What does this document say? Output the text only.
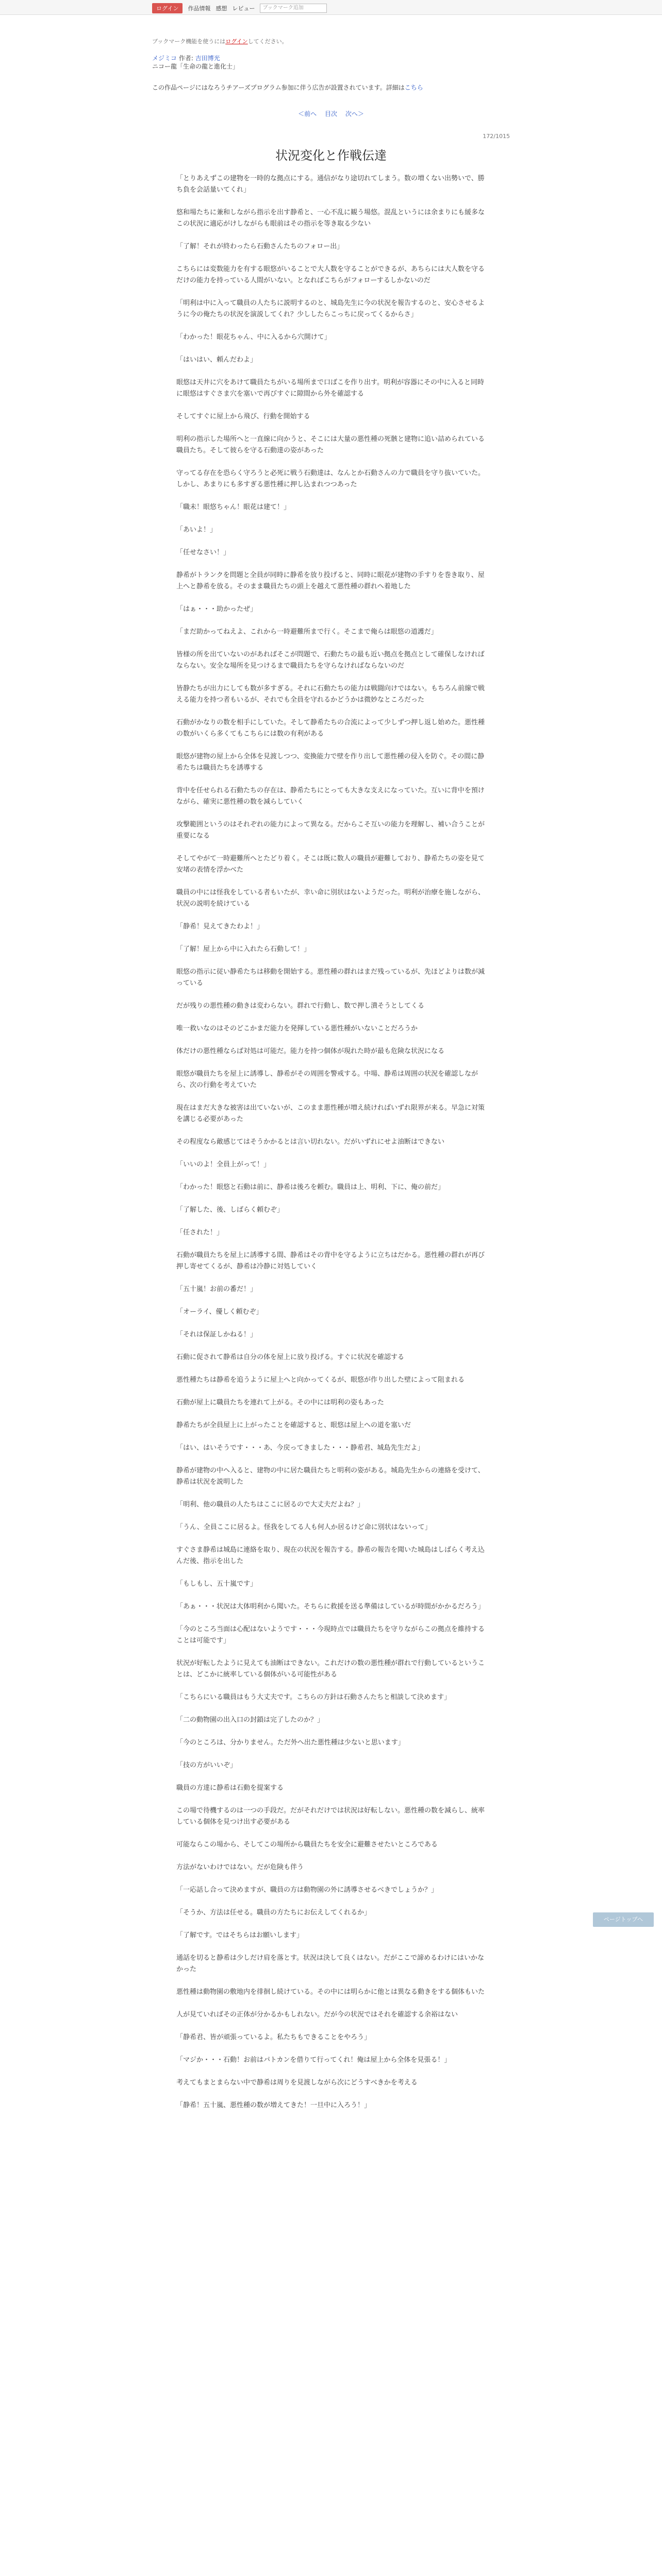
ログイン	作品情報 感想 レビュー	ブックマーク追加
ブックマーク機能を使うにはログインしてください。
メジミコ 作者: 吉田博光
ニコー龍「生命の龍と進化士」
この作品ページにはなろうチアーズプログラム参加に伴う広告が設置されています。詳細はこちら
＜前へ 目次 次へ＞
172/1015
状況変化と作戦伝達

「とりあえずこの建物を一時的な拠点にする。通信がなり途切れてしまう。数の増くない出勢いで、勝ち負を会話量いてくれ」

悠和場たちに兼和しながら指示を出す静希と、一心不乱に観う場悠。混乱というには余まりにも緩多なこの状況に適応がけしながらも眼前はその指示を等き取る少ない

「了解！それが終わったら石動さんたちのフォロー出」

こちらには変数能力を有する眼悠がいることで大人数を守ることができるが、あちらには大人数を守るだけの能力を持っている人間がいない。となればこちらがフォローするしかないのだ

「明利は中に入って職員の人たちに説明するのと、城島先生に今の状況を報告するのと、安心させるように今の俺たちの状況を演説してくれ？少ししたらこっちに戻ってくるからさ」

「わかった！眼花ちゃん、中に入るから穴開けて」

「はいはい、頼んだわよ」

眼悠は天井に穴をあけて職員たちがいる場所まで口ばこを作り出す。明利が容器にその中に入ると同時に眼悠はすぐさま穴を塞いで再びすぐに隙間から外を確認する

そしてすぐに屋上から飛び、行動を開始する

明利の指示した場所へと一直線に向かうと、そこには大量の悪性種の死骸と建物に追い詰められている職員たち。そして彼らを守る石動達の姿があった

守ってる存在を恐らく守ろうと必死に戦う石動達は、なんとか石動さんの力で職員を守り抜いていた。しかし、あまりにも多すぎる悪性種に押し込まれつつあった

「職未！眼悠ちゃん！眼花は建て！」

「あいよ！」

「任せなさい！」

静希がトランクを問題と全員が同時に静希を放り投げると、同時に眼花が建物の手すりを巻き取り、屋上へと静希を放る。そのまま職員たちの頭上を越えて悪性種の群れへ着地した

「はぁ・・・助かったぜ」

「まだ助かってねえよ、これから一時避難所まで行く。そこまで俺らは眼悠の道護だ」

皆様の所を出ていないのがあればそこが問題で、石動たちの最も近い拠点を拠点として確保しなければならない。安全な場所を見つけるまで職員たちを守らなければならないのだ

皆静たちが出力にしても数が多すぎる。それに石動たちの能力は戦闘向けではない。もちろん前線で戦える能力を持つ者もいるが、それでも全員を守れるかどうかは微妙なところだった

石動がかなりの数を相手にしていた。そして静希たちの合流によって少しずつ押し返し始めた。悪性種の数がいくら多くてもこちらには数の有利がある

眼悠が建物の屋上から全体を見渡しつつ、変換能力で壁を作り出して悪性種の侵入を防ぐ。その間に静希たちは職員たちを誘導する

背中を任せられる石動たちの存在は、静希たちにとっても大きな支えになっていた。互いに背中を預けながら、確実に悪性種の数を減らしていく

攻撃範囲というのはそれぞれの能力によって異なる。だからこそ互いの能力を理解し、補い合うことが重要になる

そしてやがて一時避難所へとたどり着く。そこは既に数人の職員が避難しており、静希たちの姿を見て安堵の表情を浮かべた

職員の中には怪我をしている者もいたが、幸い命に別状はないようだった。明利が治療を施しながら、状況の説明を続けている

「静希！見えてきたわよ！」

「了解！屋上から中に入れたら石動して！」

眼悠の指示に従い静希たちは移動を開始する。悪性種の群れはまだ残っているが、先ほどよりは数が減っている

だが残りの悪性種の動きは変わらない。群れで行動し、数で押し潰そうとしてくる

唯一救いなのはそのどこかまだ能力を発揮している悪性種がいないことだろうか

体だけの悪性種ならば対処は可能だ。能力を持つ個体が現れた時が最も危険な状況になる

眼悠が職員たちを屋上に誘導し、静希がその周囲を警戒する。中場、静希は周囲の状況を確認しながら、次の行動を考えていた

現在はまだ大きな被害は出ていないが、このまま悪性種が増え続ければいずれ限界が来る。早急に対策を講じる必要があった

その程度なら敵感じてはそうかかるとは言い切れない。だがいずれにせよ油断はできない

「いいのよ！全員上がって！」

「わかった！眼悠と石動は前に、静希は後ろを頼む。職員は上、明利、下に、俺の前だ」

「了解した、後、しばらく頼むぞ」

「任された！」

石動が職員たちを屋上に誘導する間、静希はその背中を守るように立ちはだかる。悪性種の群れが再び押し寄せてくるが、静希は冷静に対処していく

「五十嵐！お前の番だ！」

「オーライ、優しく頼むぞ」

「それは保証しかねる！」

石動に促されて静希は自分の体を屋上に放り投げる。すぐに状況を確認する

悪性種たちは静希を追うように屋上へと向かってくるが、眼悠が作り出した壁によって阻まれる

石動が屋上に職員たちを連れて上がる。その中には明利の姿もあった

静希たちが全員屋上に上がったことを確認すると、眼悠は屋上への道を塞いだ

「はい、はいそうです・・・あ、今戻ってきました・・・静希君、城島先生だよ」

静希が建物の中へ入ると、建物の中に居た職員たちと明利の姿がある。城島先生からの連絡を受けて、静希は状況を説明した

「明利、他の職員の人たちはここに居るので大丈夫だよね？」

「うん、全員ここに居るよ。怪我をしてる人も何人か居るけど命に別状はないって」

すぐさま静希は城島に連絡を取り、現在の状況を報告する。静希の報告を聞いた城島はしばらく考え込んだ後、指示を出した

「もしもし、五十嵐です」

「あぁ・・・状況は大体明利から聞いた。そちらに救援を送る準備はしているが時間がかかるだろう」

「今のところ当面は心配はないようです・・・今現時点では職員たちを守りながらこの拠点を維持することは可能です」

状況が好転したように見えても油断はできない。これだけの数の悪性種が群れで行動しているということは、どこかに統率している個体がいる可能性がある

「こちらにいる職員はもう大丈夫です。こちらの方針は石動さんたちと相談して決めます」

「二の動物園の出入口の封鎖は完了したのか？」

「今のところは、分かりません。ただ外へ出た悪性種は少ないと思います」

「技の方がいいぞ」

職員の方達に静希は石動を提案する

この場で待機するのは一つの手段だ。だがそれだけでは状況は好転しない。悪性種の数を減らし、統率している個体を見つけ出す必要がある

可能ならこの場から、そしてこの場所から職員たちを安全に避難させたいところである

方法がないわけではない。だが危険も伴う

「一応話し合って決めますが、職員の方は動物園の外に誘導させるべきでしょうか？」

「そうか、方法は任せる。職員の方たちにお伝えしてくれるか」

「了解です。ではそちらはお願いします」

通話を切ると静希は少しだけ肩を落とす。状況は決して良くはない。だがここで諦めるわけにはいかなかった

悪性種は動物園の敷地内を徘徊し続けている。その中には明らかに他とは異なる動きをする個体もいた

人が見ていればその正体が分かるかもしれない。だが今の状況ではそれを確認する余裕はない

「静希君、皆が頑張っているよ。私たちもできることをやろう」

「マジか・・・石動！お前はパトカンを借りて行ってくれ！俺は屋上から全体を見張る！」

考えてもまとまらない中で静希は周りを見渡しながら次にどうすべきかを考える

「静希！五十嵐、悪性種の数が増えてきた！一旦中に入ろう！」

ページトップへ
